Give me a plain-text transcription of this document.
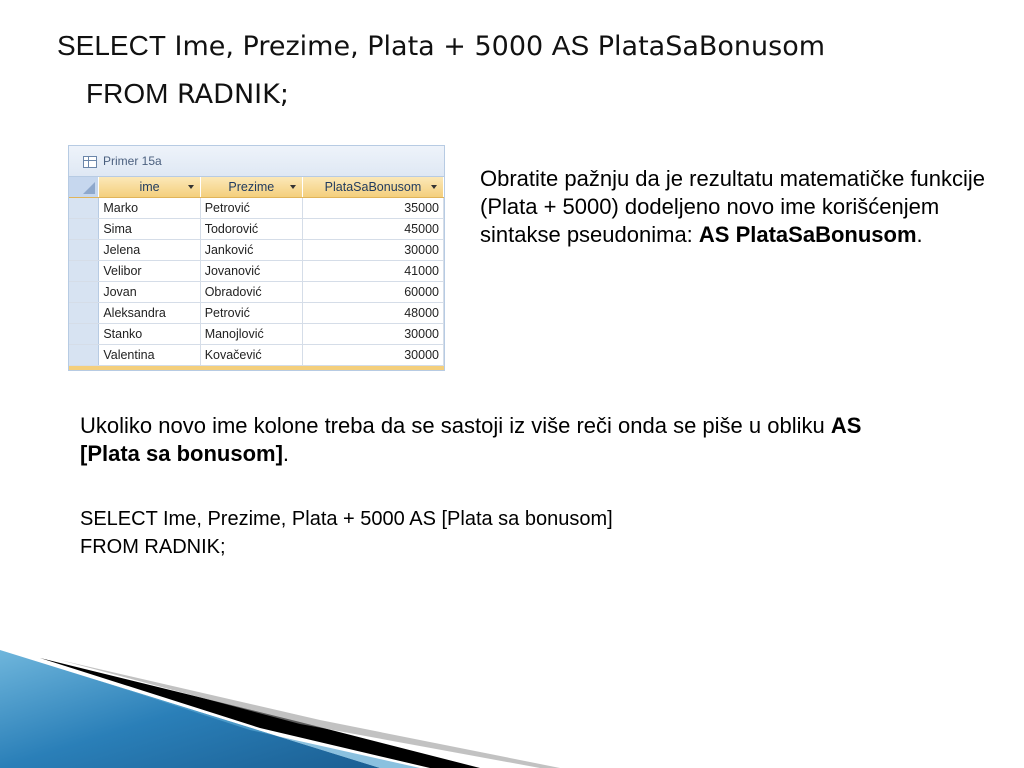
SELECT Ime, Prezime, Plata + 5000 AS PlataSaBonusom
FROM RADNIK;
Primer 15a
	ime	Prezime	PlataSaBonusom

	Marko	Petrović	35000
	Sima	Todorović	45000
	Jelena	Janković	30000
	Velibor	Jovanović	41000
	Jovan	Obradović	60000
	Aleksandra	Petrović	48000
	Stanko	Manojlović	30000
	Valentina	Kovačević	30000
Obratite pažnju da je rezultatu matematičke funkcije (Plata + 5000) dodeljeno novo ime korišćenjem sintakse pseudonima: AS PlataSaBonusom.
Ukoliko novo ime kolone treba da se sastoji iz više reči onda se piše u obliku AS [Plata sa bonusom].
SELECT Ime, Prezime, Plata + 5000 AS [Plata sa bonusom]
FROM RADNIK;
